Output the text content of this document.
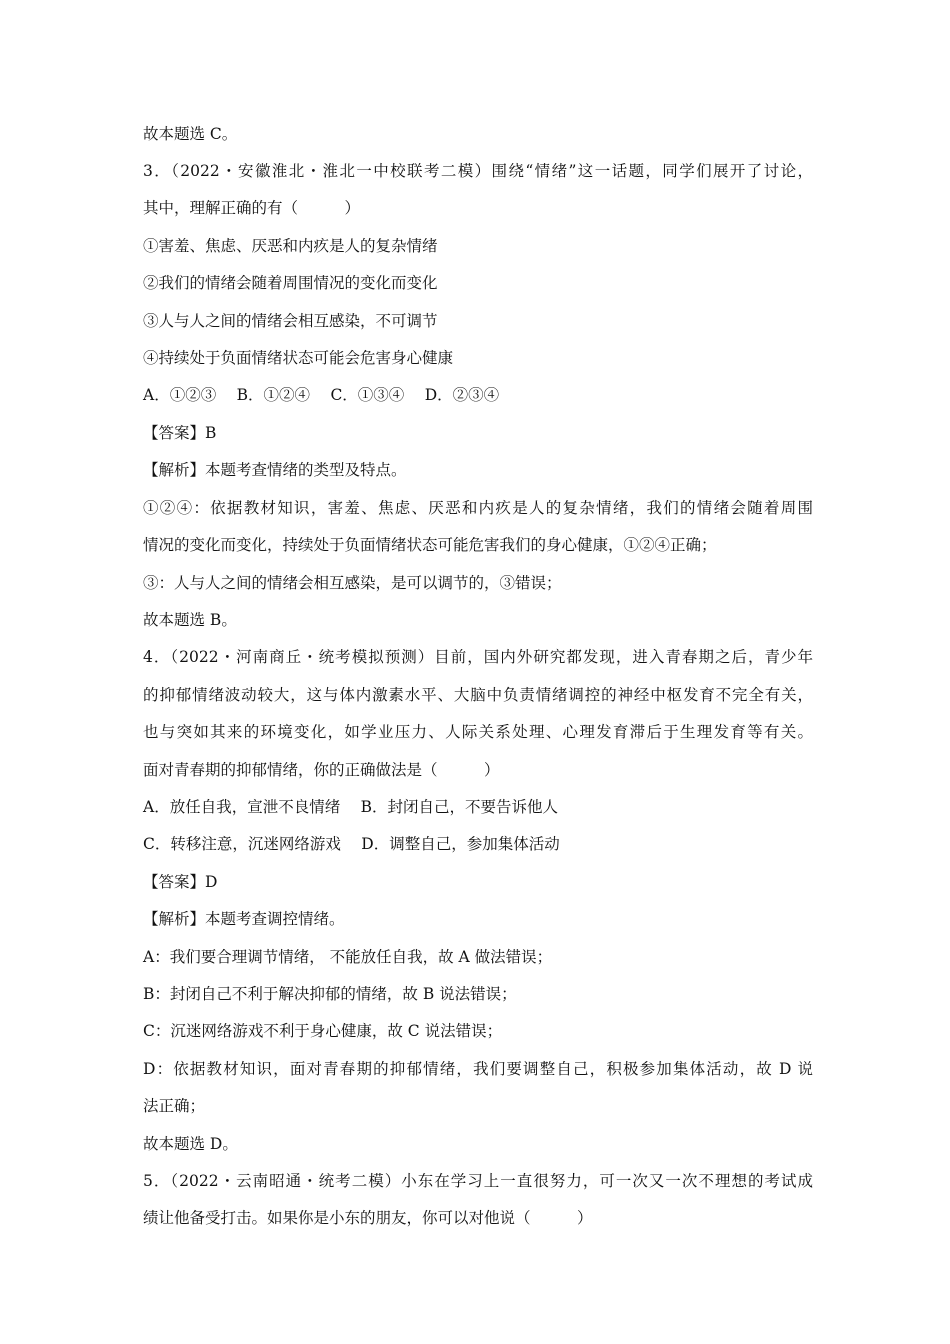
故本题选 C。
3．（2022・安徽淮北・淮北一中校联考二模）围绕“情绪”这一话题，同学们展开了讨论，
其中，理解正确的有（　　　）
①害羞、焦虑、厌恶和内疚是人的复杂情绪
②我们的情绪会随着周围情况的变化而变化
③人与人之间的情绪会相互感染，不可调节
④持续处于负面情绪状态可能会危害身心健康
A．①②③　 B．①②④　 C．①③④　 D．②③④
【答案】B
【解析】本题考查情绪的类型及特点。
①②④：依据教材知识，害羞、焦虑、厌恶和内疚是人的复杂情绪，我们的情绪会随着周围
情况的变化而变化，持续处于负面情绪状态可能危害我们的身心健康，①②④正确；
③：人与人之间的情绪会相互感染，是可以调节的，③错误；
故本题选 B。
4．（2022・河南商丘・统考模拟预测）目前，国内外研究都发现，进入青春期之后，青少年
的抑郁情绪波动较大，这与体内激素水平、大脑中负责情绪调控的神经中枢发育不完全有关，
也与突如其来的环境变化，如学业压力、人际关系处理、心理发育滞后于生理发育等有关。
面对青春期的抑郁情绪，你的正确做法是（　　　）
A．放任自我，宣泄不良情绪　 B．封闭自己，不要告诉他人
C．转移注意，沉迷网络游戏　 D．调整自己，参加集体活动
【答案】D
【解析】本题考查调控情绪。
A：我们要合理调节情绪， 不能放任自我，故 A 做法错误；
B：封闭自己不利于解决抑郁的情绪，故 B 说法错误；
C：沉迷网络游戏不利于身心健康，故 C 说法错误；
D：依据教材知识，面对青春期的抑郁情绪，我们要调整自己，积极参加集体活动，故 D 说
法正确；
故本题选 D。
5．（2022・云南昭通・统考二模）小东在学习上一直很努力，可一次又一次不理想的考试成
绩让他备受打击。如果你是小东的朋友，你可以对他说（　　　）
